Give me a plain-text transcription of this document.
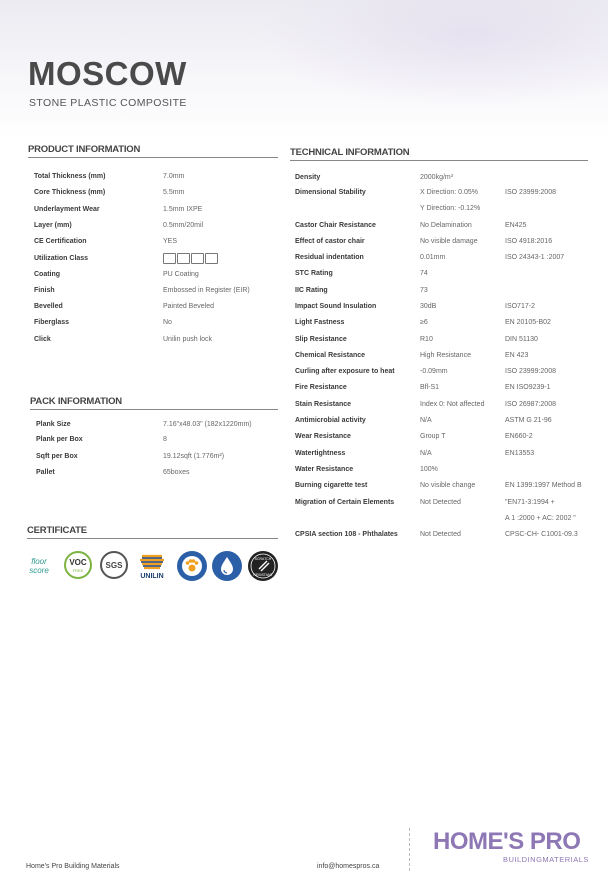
MOSCOW
STONE PLASTIC COMPOSITE
PRODUCT INFORMATION
Total Thickness (mm)	7.0mm
Core Thickness (mm)	5.5mm
Underlayment Wear	1.5mm IXPE
Layer (mm)	0.5mm/20mil
CE Certification	YES
Utilization Class
Coating	PU Coating
Finish	Embossed in Register (EIR)
Bevelled	Painted Beveled
Fiberglass	No
Click	Unilin push lock
PACK INFORMATION
Plank Size	7.16"x48.03" (182x1220mm)
Plank per Box	8
Sqft per Box	19.12sqft (1.776m²)
Pallet	65boxes
CERTIFICATE
floor
score
VOC
FREE
SGS
UNILIN
SCRATCH
RESISTANT
TECHNICAL INFORMATION
Density	2000kg/m³
Dimensional Stability	X Direction: 0.05%	ISO 23999:2008
Y Direction: -0.12%
Castor Chair Resistance	No Delamination	EN425
Effect of castor chair	No visible damage	ISO 4918:2016
Residual indentation	0.01mm	ISO 24343-1 :2007
STC Rating	74
IIC Rating	73
Impact Sound Insulation	30dB	ISO717-2
Light Fastness	≥6	EN 20105-B02
Slip Resistance	R10	DIN 51130
Chemical Resistance	High Resistance	EN 423
Curling after exposure to heat	-0.09mm	ISO 23999:2008
Fire Resistance	Bfl-S1	EN ISO9239-1
Stain Resistance	Index 0: Not affected	ISO 26987:2008
Antimicrobial activity	N/A	ASTM G 21-96
Wear Resistance	Group T	EN660-2
Watertightness	N/A	EN13553
Water Resistance	100%
Burning cigarette test	No visible change	EN 1399:1997 Method B
Migration of Certain Elements	Not Detected	"EN71-3:1994 +
A 1 :2000 + AC: 2002 "
CPSIA section 108 - Phthalates	Not Detected	CPSC-CH- C1001-09.3
Home's Pro Building Materials	info@homespros.ca
HOME'S PRO
BUILDINGMATERIALS
